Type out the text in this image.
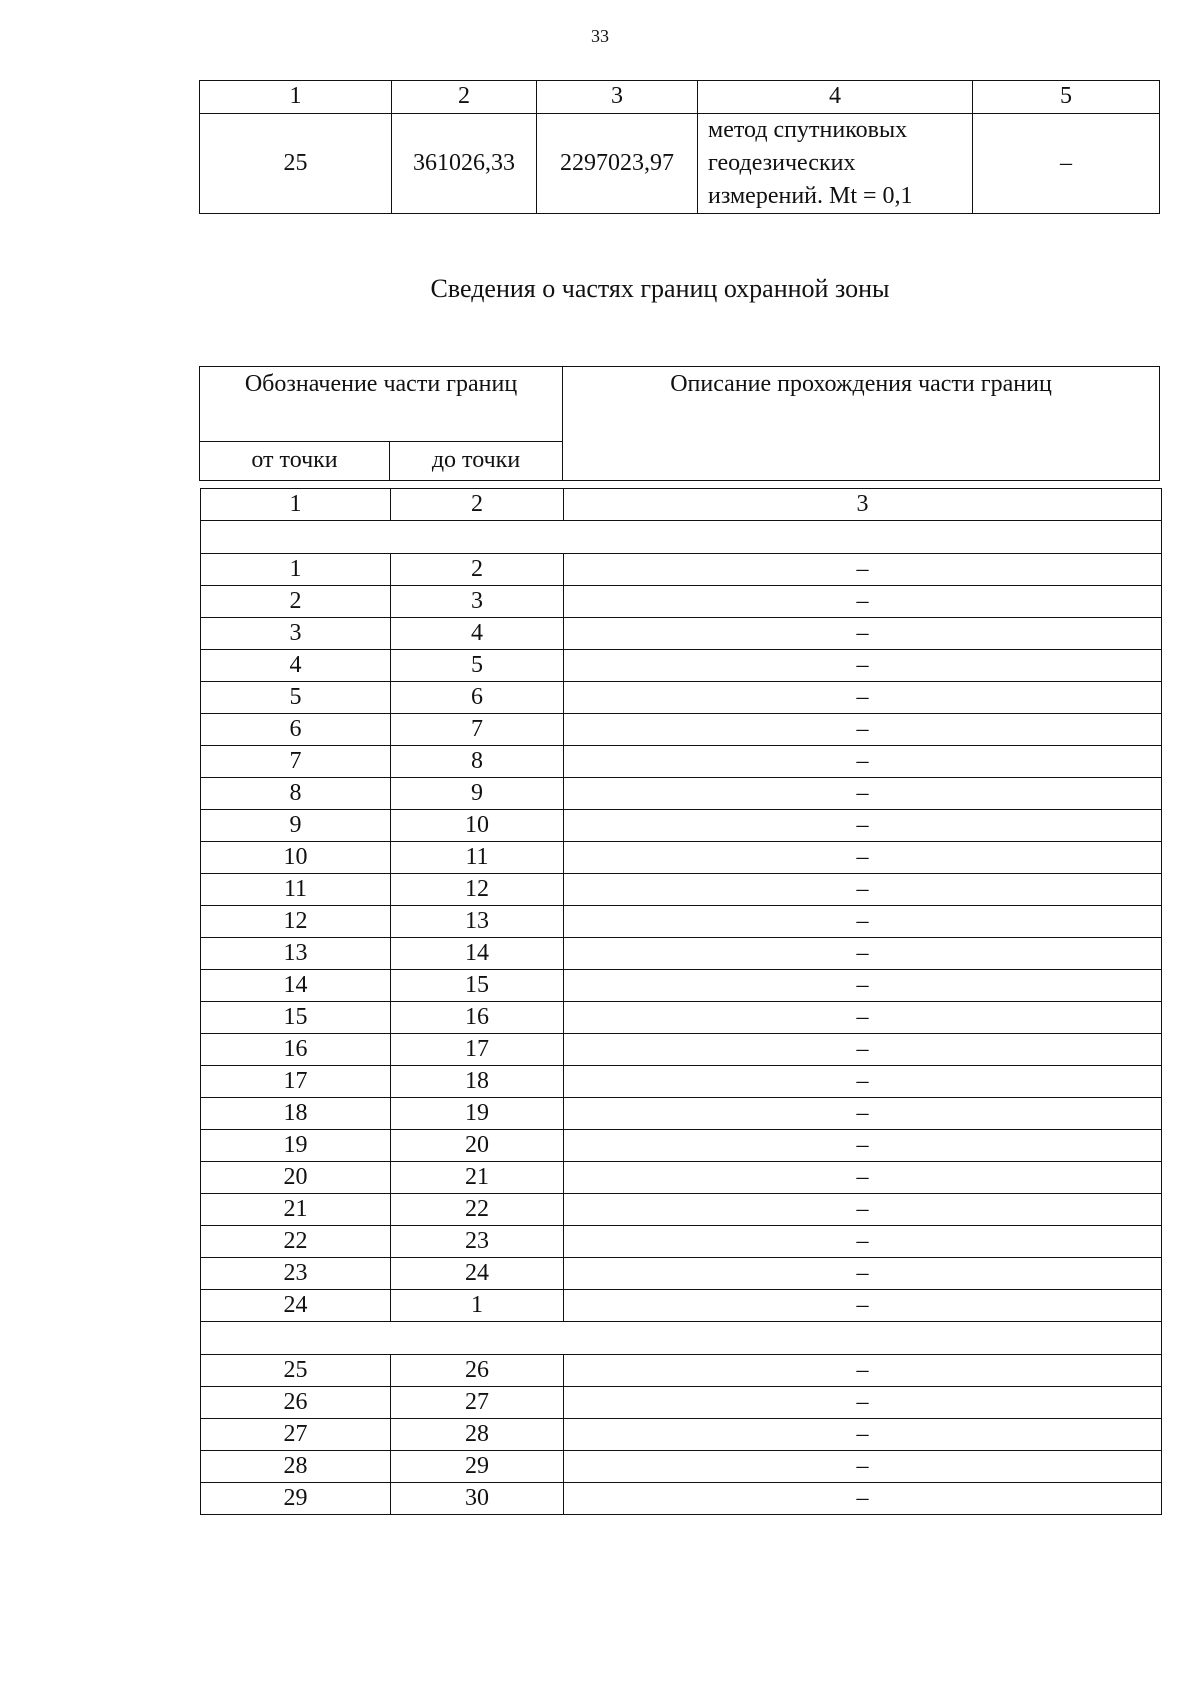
33
1	2	3	4	5
25	361026,33	2297023,97	метод спутниковых
геодезических
измерений. Mt = 0,1	–
Сведения о частях границ охранной зоны
Обозначение части границ		Описание прохождения части границ
от точки	до точки	
1	2	3

1	2	–
2	3	–
3	4	–
4	5	–
5	6	–
6	7	–
7	8	–
8	9	–
9	10	–
10	11	–
11	12	–
12	13	–
13	14	–
14	15	–
15	16	–
16	17	–
17	18	–
18	19	–
19	20	–
20	21	–
21	22	–
22	23	–
23	24	–
24	1	–

25	26	–
26	27	–
27	28	–
28	29	–
29	30	–
